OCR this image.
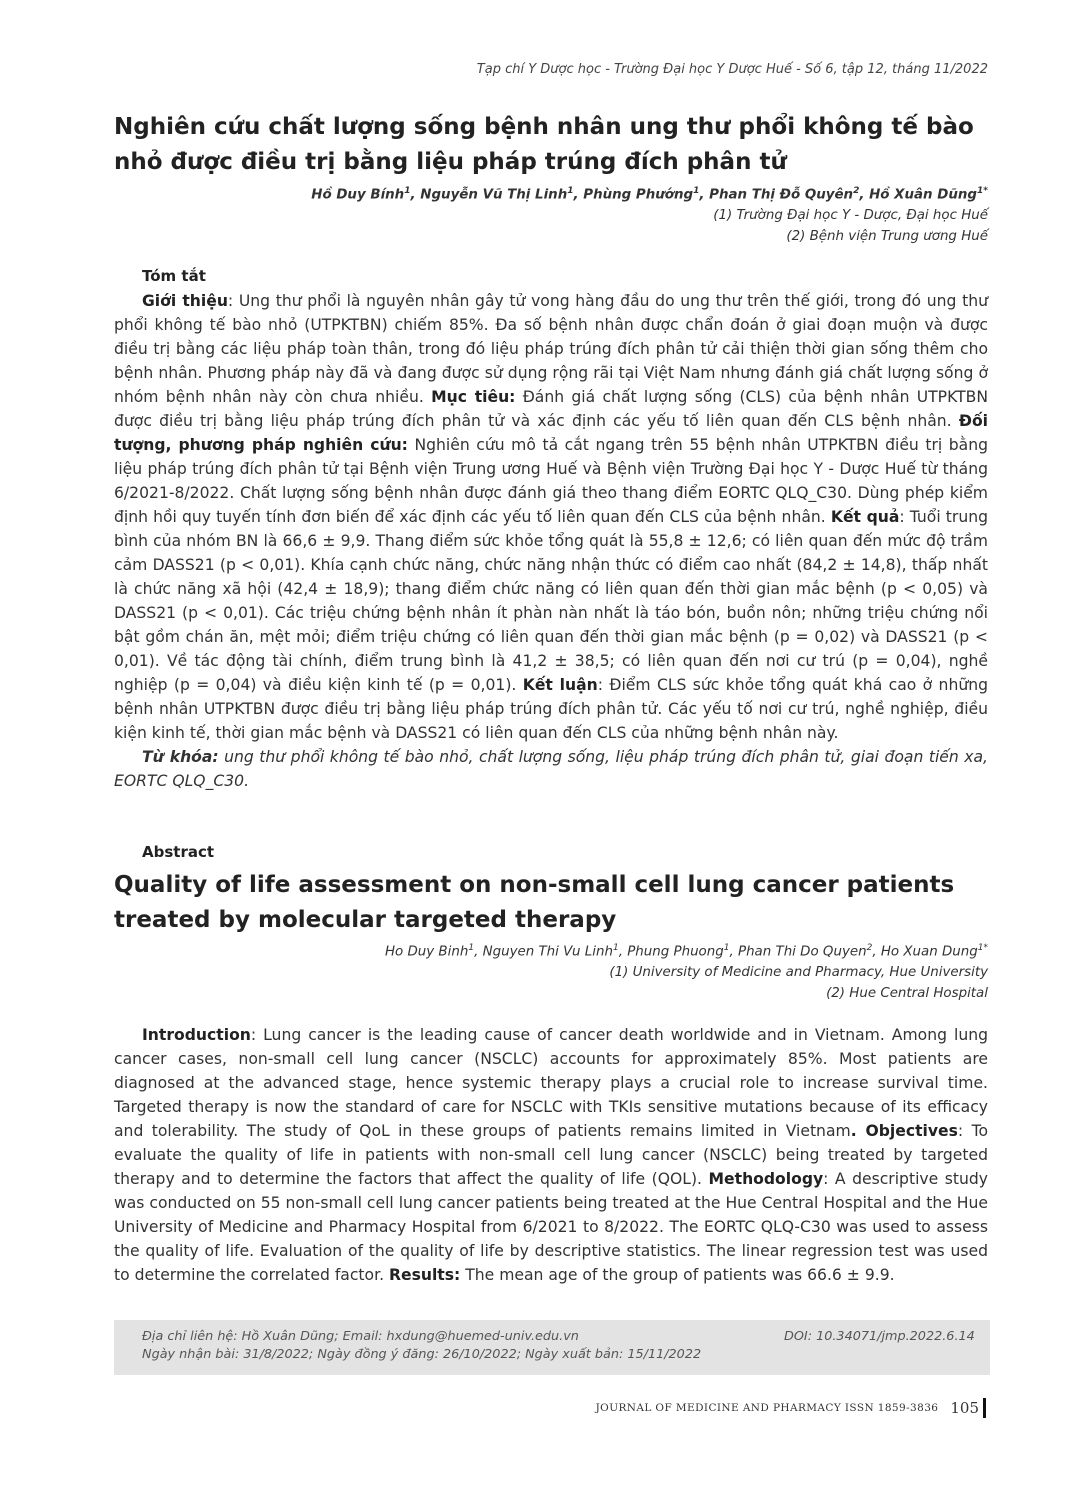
Tạp chí Y Dược học - Trường Đại học Y Dược Huế - Số 6, tập 12, tháng 11/2022
Nghiên cứu chất lượng sống bệnh nhân ung thư phổi không tế bào nhỏ được điều trị bằng liệu pháp trúng đích phân tử
Hồ Duy Bính$^1$, Nguyễn Vũ Thị Linh$^1$, Phùng Phướng$^1$, Phan Thị Đỗ Quyên$^2$, Hồ Xuân Dũng$^{1*}$
(1) Trường Đại học Y - Dược, Đại học Huế
(2) Bệnh viện Trung ương Huế
Tóm tắt

Giới thiệu: Ung thư phổi là nguyên nhân gây tử vong hàng đầu do ung thư trên thế giới, trong đó ung thư phổi không tế bào nhỏ (UTPKTBN) chiếm 85%. Đa số bệnh nhân được chẩn đoán ở giai đoạn muộn và được điều trị bằng các liệu pháp toàn thân, trong đó liệu pháp trúng đích phân tử cải thiện thời gian sống thêm cho bệnh nhân. Phương pháp này đã và đang được sử dụng rộng rãi tại Việt Nam nhưng đánh giá chất lượng sống ở nhóm bệnh nhân này còn chưa nhiều. Mục tiêu: Đánh giá chất lượng sống (CLS) của bệnh nhân UTPKTBN được điều trị bằng liệu pháp trúng đích phân tử và xác định các yếu tố liên quan đến CLS bệnh nhân. Đối tượng, phương pháp nghiên cứu: Nghiên cứu mô tả cắt ngang trên 55 bệnh nhân UTPKTBN điều trị bằng liệu pháp trúng đích phân tử tại Bệnh viện Trung ương Huế và Bệnh viện Trường Đại học Y - Dược Huế từ tháng 6/2021-8/2022. Chất lượng sống bệnh nhân được đánh giá theo thang điểm EORTC QLQ_C30. Dùng phép kiểm định hồi quy tuyến tính đơn biến để xác định các yếu tố liên quan đến CLS của bệnh nhân. Kết quả: Tuổi trung bình của nhóm BN là 66,6 ± 9,9. Thang điểm sức khỏe tổng quát là 55,8 ± 12,6; có liên quan đến mức độ trầm cảm DASS21 (p < 0,01). Khía cạnh chức năng, chức năng nhận thức có điểm cao nhất (84,2 ± 14,8), thấp nhất là chức năng xã hội (42,4 ± 18,9); thang điểm chức năng có liên quan đến thời gian mắc bệnh (p < 0,05) và DASS21 (p < 0,01). Các triệu chứng bệnh nhân ít phàn nàn nhất là táo bón, buồn nôn; những triệu chứng nổi bật gồm chán ăn, mệt mỏi; điểm triệu chứng có liên quan đến thời gian mắc bệnh (p = 0,02) và DASS21 (p < 0,01). Về tác động tài chính, điểm trung bình là 41,2 ± 38,5; có liên quan đến nơi cư trú (p = 0,04), nghề nghiệp (p = 0,04) và điều kiện kinh tế (p = 0,01). Kết luận: Điểm CLS sức khỏe tổng quát khá cao ở những bệnh nhân UTPKTBN được điều trị bằng liệu pháp trúng đích phân tử. Các yếu tố nơi cư trú, nghề nghiệp, điều kiện kinh tế, thời gian mắc bệnh và DASS21 có liên quan đến CLS của những bệnh nhân này.

Từ khóa: ung thư phổi không tế bào nhỏ, chất lượng sống, liệu pháp trúng đích phân tử, giai đoạn tiến xa, EORTC QLQ_C30.

Abstract
Quality of life assessment on non-small cell lung cancer patients treated by molecular targeted therapy
Ho Duy Binh$^1$, Nguyen Thi Vu Linh$^1$, Phung Phuong$^1$, Phan Thi Do Quyen$^2$, Ho Xuan Dung$^{1*}$
(1) University of Medicine and Pharmacy, Hue University
(2) Hue Central Hospital

Introduction: Lung cancer is the leading cause of cancer death worldwide and in Vietnam. Among lung cancer cases, non-small cell lung cancer (NSCLC) accounts for approximately 85%. Most patients are diagnosed at the advanced stage, hence systemic therapy plays a crucial role to increase survival time. Targeted therapy is now the standard of care for NSCLC with TKIs sensitive mutations because of its efficacy and tolerability. The study of QoL in these groups of patients remains limited in Vietnam. Objectives: To evaluate the quality of life in patients with non-small cell lung cancer (NSCLC) being treated by targeted therapy and to determine the factors that affect the quality of life (QOL). Methodology: A descriptive study was conducted on 55 non-small cell lung cancer patients being treated at the Hue Central Hospital and the Hue University of Medicine and Pharmacy Hospital from 6/2021 to 8/2022. The EORTC QLQ-C30 was used to assess the quality of life. Evaluation of the quality of life by descriptive statistics. The linear regression test was used to determine the correlated factor. Results: The mean age of the group of patients was 66.6 ± 9.9.

Địa chỉ liên hệ: Hồ Xuân Dũng; Email: hxdung@huemed-univ.edu.vn	DOI: 10.34071/jmp.2022.6.14
Ngày nhận bài: 31/8/2022; Ngày đồng ý đăng: 26/10/2022; Ngày xuất bản: 15/11/2022
JOURNAL OF MEDICINE AND PHARMACY ISSN 1859-3836 105
